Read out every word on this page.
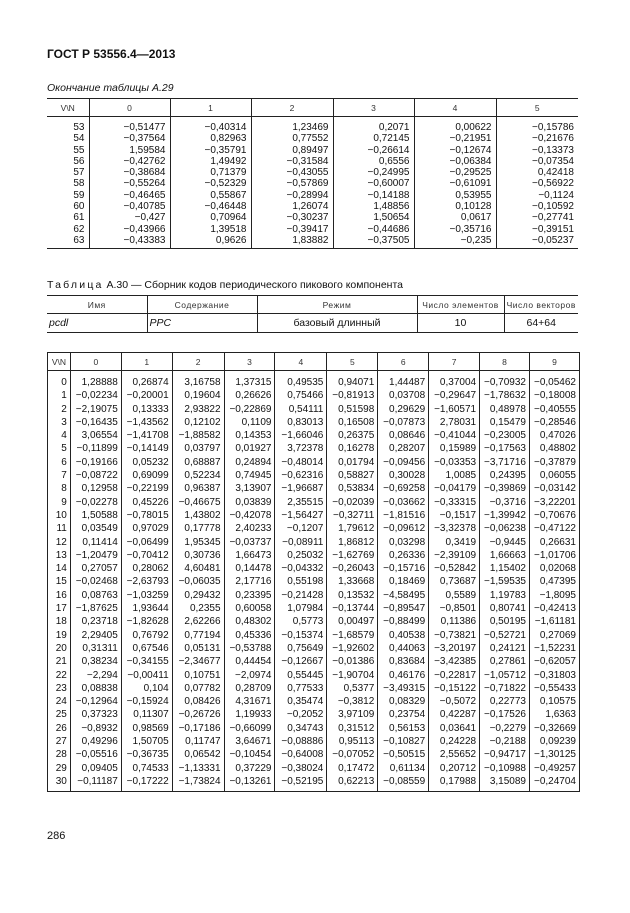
ГОСТ Р 53556.4—2013
Окончание таблицы А.29
V\N	0	1	2	3	4	5
53	−0,51477	−0,40314	1,23469	0,2071	0,00622	−0,15786
54	−0,37564	0,82963	0,77552	0,72145	−0,21951	−0,21676
55	1,59584	−0,35791	0,89497	−0,26614	−0,12674	−0,13373
56	−0,42762	1,49492	−0,31584	0,6556	−0,06384	−0,07354
57	−0,38684	0,71379	−0,43055	−0,24995	−0,29525	0,42418
58	−0,55264	−0,52329	−0,57869	−0,60007	−0,61091	−0,56922
59	−0,46465	0,55867	−0,28994	−0,14188	0,53955	−0,1124
60	−0,40785	−0,46448	1,26074	1,48856	0,10128	−0,10592
61	−0,427	0,70964	−0,30237	1,50654	0,0617	−0,27741
62	−0,43966	1,39518	−0,39417	−0,44686	−0,35716	−0,39151
63	−0,43383	0,9626	1,83882	−0,37505	−0,235	−0,05237
Таблица А.30 — Сборник кодов периодического пикового компонента
Имя	Содержание	Режим	Число элементов	Число векторов
pcdl	PPC	базовый длинный	10	64+64
V\N	0	1	2	3	4	5	6	7	8	9
0	1,28888	0,26874	3,16758	1,37315	0,49535	0,94071	1,44487	0,37004	−0,70932	−0,05462
1	−0,02234	−0,20001	0,19604	0,26626	0,75466	−0,81913	0,03708	−0,29647	−1,78632	−0,18008
2	−2,19075	0,13333	2,93822	−0,22869	0,54111	0,51598	0,29629	−1,60571	0,48978	−0,40555
3	−0,16435	−1,43562	0,12102	0,1109	0,83013	0,16508	−0,07873	2,78031	0,15479	−0,28546
4	3,06554	−1,41708	−1,88582	0,14353	−1,66046	0,26375	0,08646	−0,41044	−0,23005	0,47026
5	−0,11899	−0,14149	0,03797	0,01927	3,72378	0,16278	0,28207	0,15989	−0,17563	0,48802
6	−0,19166	0,05232	0,68887	0,24894	−0,48014	0,01794	−0,09456	−0,03353	−3,71716	−0,37879
7	−0,08722	0,69099	0,52234	0,74945	−0,62316	0,58827	0,30028	1,0085	0,24395	0,06055
8	0,12958	−0,22199	0,96387	3,13907	−1,96687	0,53834	−0,69258	−0,04179	−0,39869	−0,03142
9	−0,02278	0,45226	−0,46675	0,03839	2,35515	−0,02039	−0,03662	−0,33315	−0,3716	−3,22201
10	1,50588	−0,78015	1,43802	−0,42078	−1,56427	−0,32711	−1,81516	−0,1517	−1,39942	−0,70676
11	0,03549	0,97029	0,17778	2,40233	−0,1207	1,79612	−0,09612	−3,32378	−0,06238	−0,47122
12	0,11414	−0,06499	1,95345	−0,03737	−0,08911	1,86812	0,03298	0,3419	−0,9445	0,26631
13	−1,20479	−0,70412	0,30736	1,66473	0,25032	−1,62769	0,26336	−2,39109	1,66663	−1,01706
14	0,27057	0,28062	4,60481	0,14478	−0,04332	−0,26043	−0,15716	−0,52842	1,15402	0,02068
15	−0,02468	−2,63793	−0,06035	2,17716	0,55198	1,33668	0,18469	0,73687	−1,59535	0,47395
16	0,08763	−1,03259	0,29432	0,23395	−0,21428	0,13532	−4,58495	0,5589	1,19783	−1,8095
17	−1,87625	1,93644	0,2355	0,60058	1,07984	−0,13744	−0,89547	−0,8501	0,80741	−0,42413
18	0,23718	−1,82628	2,62266	0,48302	0,5773	0,00497	−0,88499	0,11386	0,50195	−1,61181
19	2,29405	0,76792	0,77194	0,45336	−0,15374	−1,68579	0,40538	−0,73821	−0,52721	0,27069
20	0,31311	0,67546	0,05131	−0,53788	0,75649	−1,92602	0,44063	−3,20197	0,24121	−1,52231
21	0,38234	−0,34155	−2,34677	0,44454	−0,12667	−0,01386	0,83684	−3,42385	0,27861	−0,62057
22	−2,294	−0,00411	0,10751	−2,0974	0,55445	−1,90704	0,46176	−0,22817	−1,05712	−0,31803
23	0,08838	0,104	0,07782	0,28709	0,77533	0,5377	−3,49315	−0,15122	−0,71822	−0,55433
24	−0,12964	−0,15924	0,08426	4,31671	0,35474	−0,3812	0,08329	−0,5072	0,22773	0,10575
25	0,37323	0,11307	−0,26726	1,19933	−0,2052	3,97109	0,23754	0,42287	−0,17526	1,6363
26	−0,8932	0,98569	−0,17186	−0,66099	0,34743	0,31512	0,56153	0,03641	−0,2279	−0,32669
27	0,49296	1,50705	0,11747	3,64671	−0,08886	0,95113	−0,10827	0,24228	−0,2188	0,09239
28	−0,05516	−0,36735	0,06542	−0,10454	−0,64008	−0,07052	−0,50515	2,55652	−0,94717	−1,30125
29	0,09405	0,74533	−1,13331	0,37229	−0,38024	0,17472	0,61134	0,20712	−0,10988	−0,49257
30	−0,11187	−0,17222	−1,73824	−0,13261	−0,52195	0,62213	−0,08559	0,17988	3,15089	−0,24704
286
